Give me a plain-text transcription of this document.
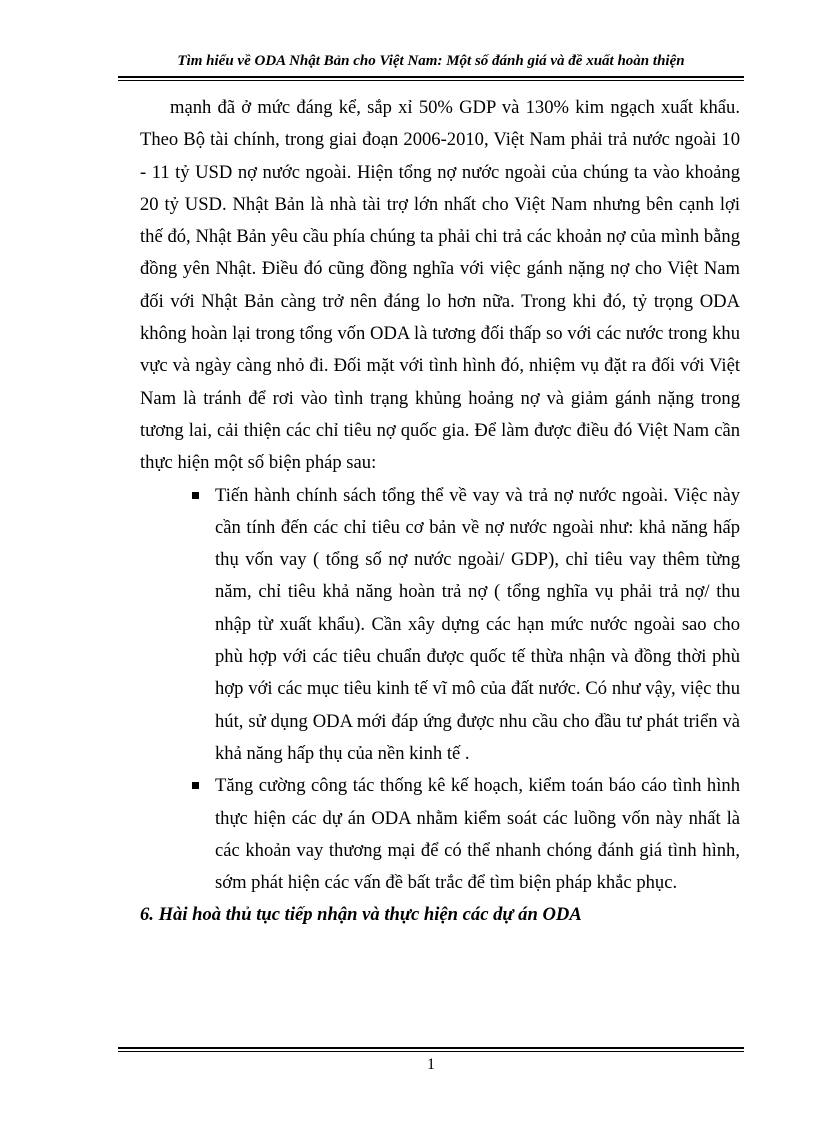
Tìm hiểu về ODA Nhật Bản cho Việt Nam: Một số đánh giá và đề xuất hoàn thiện

mạnh đã ở mức đáng kể, sắp xỉ 50% GDP và 130% kim ngạch xuất khẩu. Theo Bộ tài chính, trong giai đoạn 2006-2010, Việt Nam phải trả nước ngoài 10 - 11 tỷ USD nợ nước ngoài. Hiện tổng nợ nước ngoài của chúng ta vào khoảng 20 tỷ USD. Nhật Bản là nhà tài trợ lớn nhất cho Việt Nam nhưng bên cạnh lợi thế đó, Nhật Bản yêu cầu phía chúng ta phải chi trả các khoản nợ của mình bằng đồng yên Nhật. Điều đó cũng đồng nghĩa với việc gánh nặng nợ cho Việt Nam đối với Nhật Bản càng trở nên đáng lo hơn nữa. Trong khi đó, tỷ trọng ODA không hoàn lại trong tổng vốn ODA là tương đối thấp so với các nước trong khu vực và ngày càng nhỏ đi. Đối mặt với tình hình đó, nhiệm vụ đặt ra đối với Việt Nam là tránh để rơi vào tình trạng khủng hoảng nợ và giảm gánh nặng trong tương lai, cải thiện các chỉ tiêu nợ quốc gia. Để làm được điều đó Việt Nam cần thực hiện một số biện pháp sau:

Tiến hành chính sách tổng thể về vay và trả nợ nước ngoài. Việc này cần tính đến các chỉ tiêu cơ bản về nợ nước ngoài như: khả năng hấp thụ vốn vay ( tổng số nợ nước ngoài/ GDP), chỉ tiêu vay thêm từng năm, chỉ tiêu khả năng hoàn trả nợ ( tổng nghĩa vụ phải trả nợ/ thu nhập từ xuất khẩu). Cần xây dựng các hạn mức nước ngoài sao cho phù hợp với các tiêu chuẩn được quốc tế thừa nhận và đồng thời phù hợp với các mục tiêu kinh tế vĩ mô của đất nước. Có như vậy, việc thu hút, sử dụng ODA mới đáp ứng được nhu cầu cho đầu tư phát triển và khả năng hấp thụ của nền kinh tế .
Tăng cường công tác thống kê kế hoạch, kiểm toán báo cáo tình hình thực hiện các dự án ODA nhằm kiểm soát các luồng vốn này nhất là các khoản vay thương mại để có thể nhanh chóng đánh giá tình hình, sớm phát hiện các vấn đề bất trắc để tìm biện pháp khắc phục.

6. Hài hoà thủ tục tiếp nhận và thực hiện các dự án ODA

1
